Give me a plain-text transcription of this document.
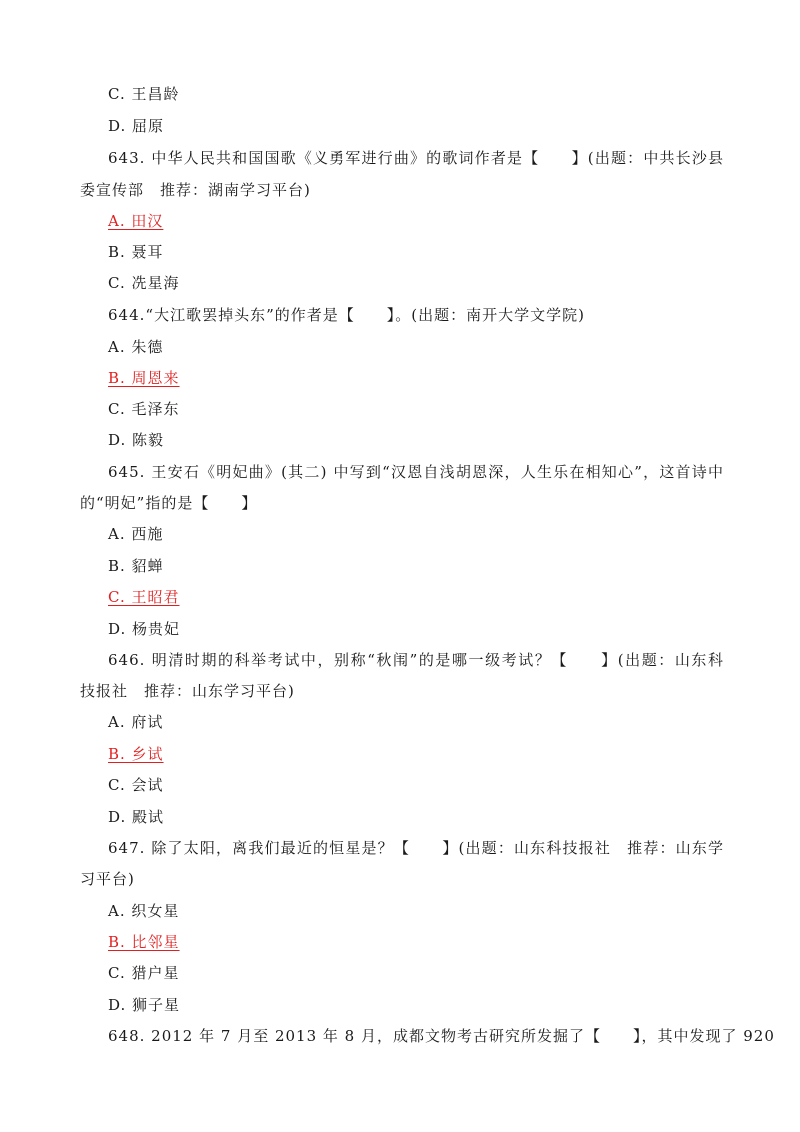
C. 王昌龄
D. 屈原
643. 中华人民共和国国歌《义勇军进行曲》的歌词作者是【　　】(出题：中共长沙县
委宣传部　推荐：湖南学习平台)
A. 田汉
B. 聂耳
C. 冼星海
644.“大江歌罢掉头东”的作者是【　　】。(出题：南开大学文学院)
A. 朱德
B. 周恩来
C. 毛泽东
D. 陈毅
645. 王安石《明妃曲》(其二) 中写到“汉恩自浅胡恩深，人生乐在相知心”，这首诗中
的“明妃”指的是【　　】
A. 西施
B. 貂蝉
C. 王昭君
D. 杨贵妃
646. 明清时期的科举考试中，别称“秋闱”的是哪一级考试？【　　】(出题：山东科
技报社　推荐：山东学习平台)
A. 府试
B. 乡试
C. 会试
D. 殿试
647. 除了太阳，离我们最近的恒星是？【　　】(出题：山东科技报社　推荐：山东学
习平台)
A. 织女星
B. 比邻星
C. 猎户星
D. 狮子星
648. 2012 年 7 月至 2013 年 8 月，成都文物考古研究所发掘了【　　】，其中发现了 920
